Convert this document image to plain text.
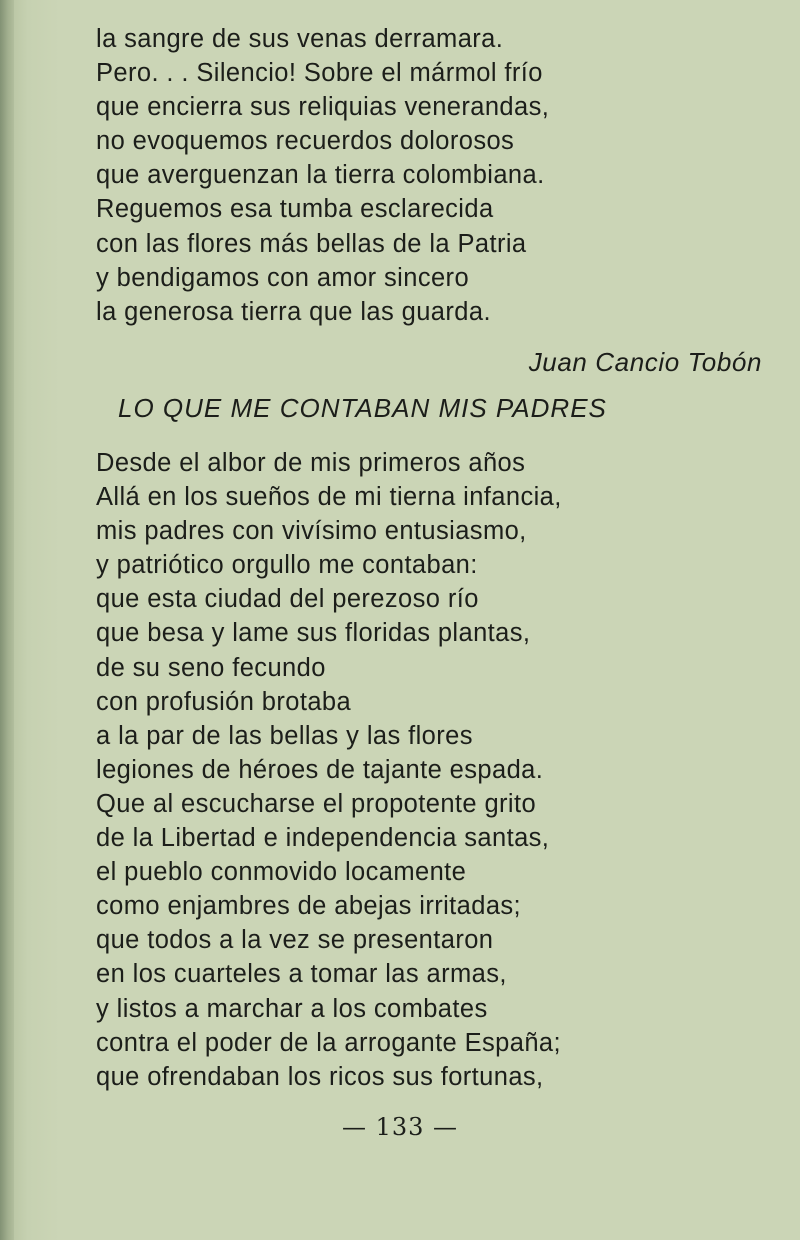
la sangre de sus venas derramara.
Pero. . . Silencio! Sobre el mármol frío
que encierra sus reliquias venerandas,
no evoquemos recuerdos dolorosos
que averguenzan la tierra colombiana.
Reguemos esa tumba esclarecida
con las flores más bellas de la Patria
y bendigamos con amor sincero
la generosa tierra que las guarda.
Juan Cancio Tobón
LO QUE ME CONTABAN MIS PADRES
Desde el albor de mis primeros años
Allá en los sueños de mi tierna infancia,
mis padres con vivísimo entusiasmo,
y patriótico orgullo me contaban:
que esta ciudad del perezoso río
que besa y lame sus floridas plantas,
de su seno fecundo
con profusión brotaba
a la par de las bellas y las flores
legiones de héroes de tajante espada.
Que al escucharse el propotente grito
de la Libertad e independencia santas,
el pueblo conmovido locamente
como enjambres de abejas irritadas;
que todos a la vez se presentaron
en los cuarteles a tomar las armas,
y listos a marchar a los combates
contra el poder de la arrogante España;
que ofrendaban los ricos sus fortunas,
— 133 —
